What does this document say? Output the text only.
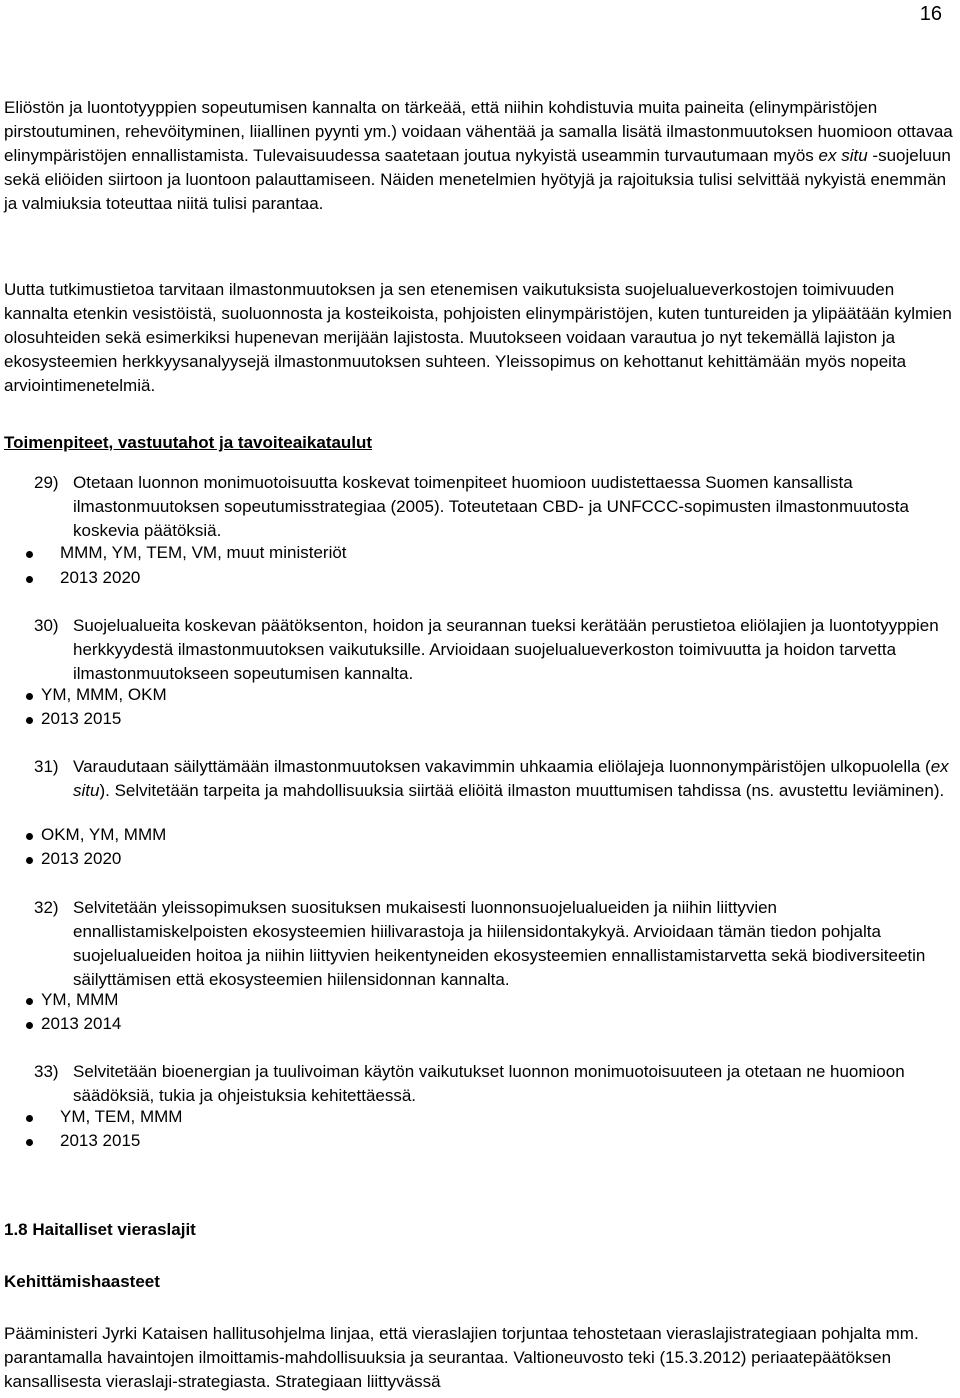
16

Eliöstön ja luontotyyppien sopeutumisen kannalta on tärkeää, että niihin kohdistuvia muita paineita (elinympäristöjen pirstoutuminen, rehevöityminen, liiallinen pyynti ym.) voidaan vähentää ja samalla lisätä ilmastonmuutoksen huomioon ottavaa elinympäristöjen ennallistamista. Tulevaisuudessa saatetaan joutua nykyistä useammin turvautumaan myös ex situ -suojeluun sekä eliöiden siirtoon ja luontoon palauttamiseen. Näiden menetelmien hyötyjä ja rajoituksia tulisi selvittää nykyistä enemmän ja valmiuksia toteuttaa niitä tulisi parantaa.

Uutta tutkimustietoa tarvitaan ilmastonmuutoksen ja sen etenemisen vaikutuksista suojelualueverkostojen toimivuuden kannalta etenkin vesistöistä, suoluonnosta ja kosteikoista, pohjoisten elinympäristöjen, kuten tuntureiden ja ylipäätään kylmien olosuhteiden sekä esimerkiksi hupenevan merijään lajistosta. Muutokseen voidaan varautua jo nyt tekemällä lajiston ja ekosysteemien herkkyysanalyysejä ilmastonmuutoksen suhteen. Yleissopimus on kehottanut kehittämään myös nopeita arviointimenetelmiä.

Toimenpiteet, vastuutahot ja tavoiteaikataulut
29) Otetaan luonnon monimuotoisuutta koskevat toimenpiteet huomioon uudistettaessa Suomen kansallista ilmastonmuutoksen sopeutumisstrategiaa (2005). Toteutetaan CBD- ja UNFCCC-sopimusten ilmastonmuutosta koskevia päätöksiä.

MMM, YM, TEM, VM, muut ministeriöt
2013 2020
30) Suojelualueita koskevan päätöksenton, hoidon ja seurannan tueksi kerätään perustietoa eliölajien ja luontotyyppien herkkyydestä ilmastonmuutoksen vaikutuksille. Arvioidaan suojelualueverkoston toimivuutta ja hoidon tarvetta ilmastonmuutokseen sopeutumisen kannalta.

YM, MMM, OKM
2013 2015
31) Varaudutaan säilyttämään ilmastonmuutoksen vakavimmin uhkaamia eliölajeja luonnonympäristöjen ulkopuolella (ex situ). Selvitetään tarpeita ja mahdollisuuksia siirtää eliöitä ilmaston muuttumisen tahdissa (ns. avustettu leviäminen).

OKM, YM, MMM
2013 2020
32) Selvitetään yleissopimuksen suosituksen mukaisesti luonnonsuojelualueiden ja niihin liittyvien ennallistamiskelpoisten ekosysteemien hiilivarastoja ja hiilensidontakykyä. Arvioidaan tämän tiedon pohjalta suojelualueiden hoitoa ja niihin liittyvien heikentyneiden ekosysteemien ennallistamistarvetta sekä biodiversiteetin säilyttämisen että ekosysteemien hiilensidonnan kannalta.

YM, MMM
2013 2014
33) Selvitetään bioenergian ja tuulivoiman käytön vaikutukset luonnon monimuotoisuuteen ja otetaan ne huomioon säädöksiä, tukia ja ohjeistuksia kehitettäessä.

YM, TEM, MMM
2013 2015
1.8 Haitalliset vieraslajit
Kehittämishaasteet

Pääministeri Jyrki Kataisen hallitusohjelma linjaa, että vieraslajien torjuntaa tehostetaan vieraslajistrategiaan pohjalta mm. parantamalla havaintojen ilmoittamis-mahdollisuuksia ja seurantaa. Valtioneuvosto teki (15.3.2012) periaatepäätöksen kansallisesta vieraslaji-strategiasta. Strategiaan liittyvässä
